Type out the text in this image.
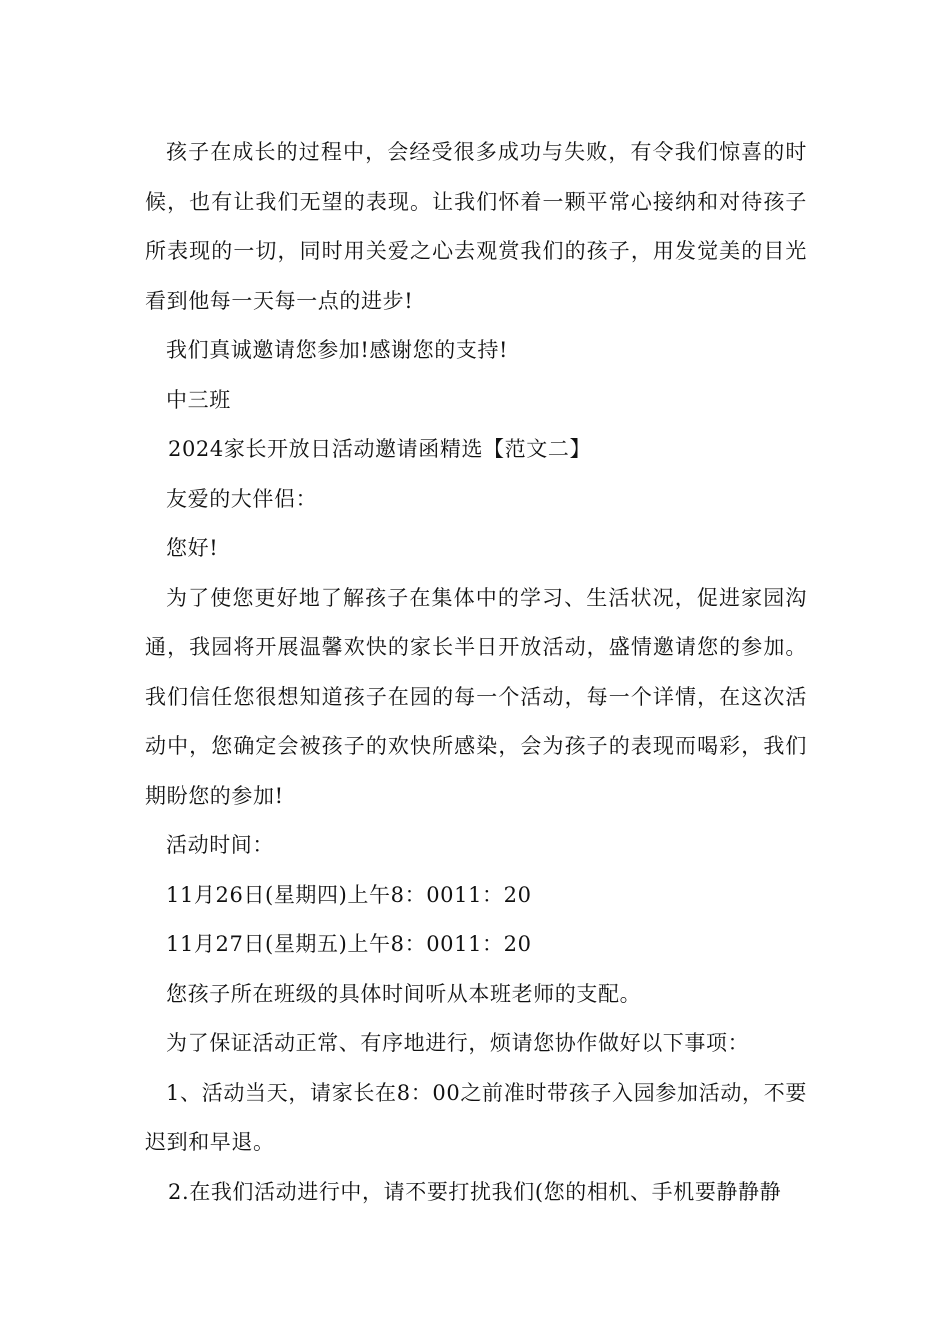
孩子在成长的过程中，会经受很多成功与失败，有令我们惊喜的时候，也有让我们无望的表现。让我们怀着一颗平常心接纳和对待孩子所表现的一切，同时用关爱之心去观赏我们的孩子，用发觉美的目光看到他每一天每一点的进步!

我们真诚邀请您参加!感谢您的支持!

中三班

2024家长开放日活动邀请函精选【范文二】

友爱的大伴侣：

您好!

为了使您更好地了解孩子在集体中的学习、生活状况，促进家园沟通，我园将开展温馨欢快的家长半日开放活动，盛情邀请您的参加。我们信任您很想知道孩子在园的每一个活动，每一个详情，在这次活动中，您确定会被孩子的欢快所感染，会为孩子的表现而喝彩，我们期盼您的参加!

活动时间：

11月26日(星期四)上午8：0011：20

11月27日(星期五)上午8：0011：20

您孩子所在班级的具体时间听从本班老师的支配。

为了保证活动正常、有序地进行，烦请您协作做好以下事项：

1、活动当天，请家长在8：00之前准时带孩子入园参加活动，不要迟到和早退。

2.在我们活动进行中，请不要打扰我们(您的相机、手机要静静静
